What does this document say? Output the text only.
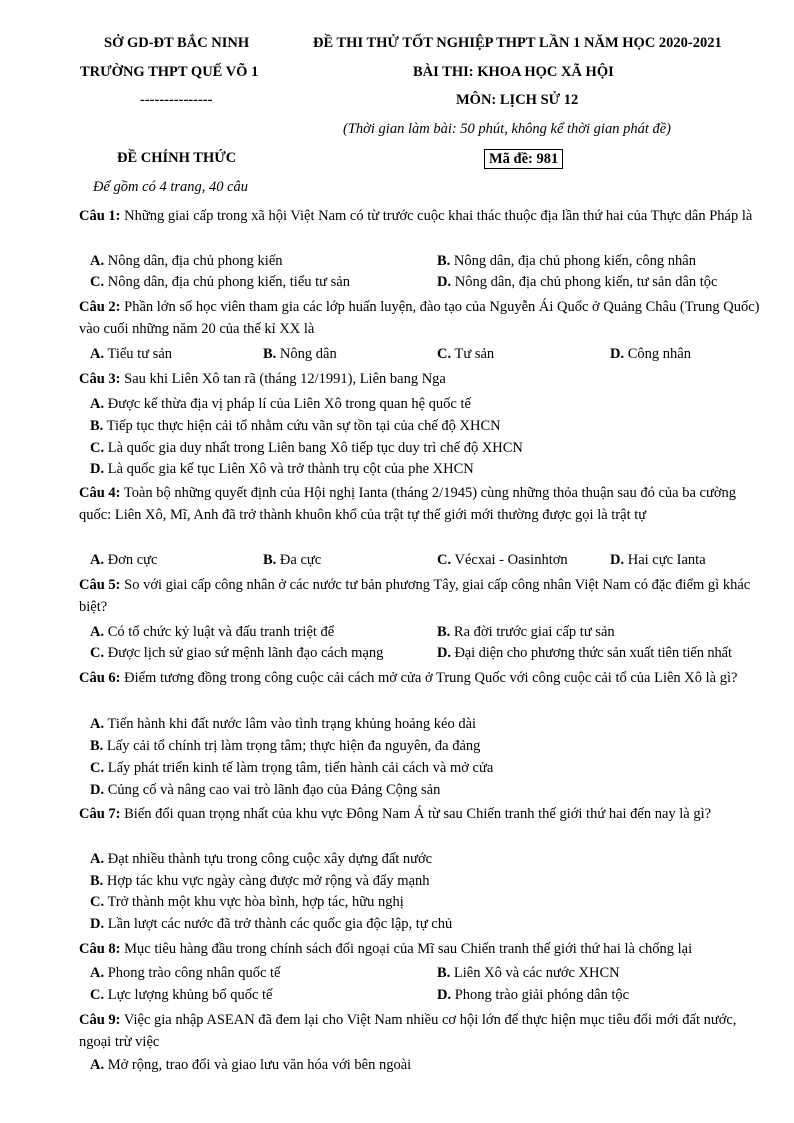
SỞ GD-ĐT BẮC NINH
TRƯỜNG THPT QUẾ VÕ 1
---------------
ĐỀ THI THỬ TỐT NGHIỆP THPT LẦN 1 NĂM HỌC 2020-2021
BÀI THI: KHOA HỌC XÃ HỘI
MÔN: LỊCH SỬ 12
(Thời gian làm bài: 50 phút, không kể thời gian phát đề)
ĐỀ CHÍNH THỨC	Mã đề: 981
Để gồm có 4 trang, 40 câu
Câu 1: Những giai cấp trong xã hội Việt Nam có từ trước cuộc khai thác thuộc địa lần thứ hai của Thực dân Pháp là
A. Nông dân, địa chủ phong kiến	B. Nông dân, địa chủ phong kiến, công nhân
C. Nông dân, địa chủ phong kiến, tiểu tư sản	D. Nông dân, địa chủ phong kiến, tư sản dân tộc
Câu 2: Phần lớn số học viên tham gia các lớp huấn luyện, đào tạo của Nguyễn Ái Quốc ở Quảng Châu (Trung Quốc) vào cuối những năm 20 của thế kỉ XX là
A. Tiểu tư sản	B. Nông dân	C. Tư sản	D. Công nhân
Câu 3: Sau khi Liên Xô tan rã (tháng 12/1991), Liên bang Nga
A. Được kế thừa địa vị pháp lí của Liên Xô trong quan hệ quốc tế
B. Tiếp tục thực hiện cải tổ nhằm cứu vãn sự tồn tại của chế độ XHCN
C. Là quốc gia duy nhất trong Liên bang Xô tiếp tục duy trì chế độ XHCN
D. Là quốc gia kế tục Liên Xô và trở thành trụ cột của phe XHCN
Câu 4: Toàn bộ những quyết định của Hội nghị Ianta (tháng 2/1945) cùng những thỏa thuận sau đó của ba cường quốc: Liên Xô, Mĩ, Anh đã trở thành khuôn khổ của trật tự thế giới mới thường được gọi là trật tự
A. Đơn cực	B. Đa cực	C. Vécxai - Oasinhtơn	D. Hai cực Ianta
Câu 5: So với giai cấp công nhân ở các nước tư bản phương Tây, giai cấp công nhân Việt Nam có đặc điểm gì khác biệt?
A. Có tổ chức kỷ luật và đấu tranh triệt để	B. Ra đời trước giai cấp tư sản
C. Được lịch sử giao sứ mệnh lãnh đạo cách mạng	D. Đại diện cho phương thức sản xuất tiên tiến nhất
Câu 6: Điểm tương đồng trong công cuộc cải cách mở cửa ở Trung Quốc với công cuộc cải tổ của Liên Xô là gì?
A. Tiến hành khi đất nước lâm vào tình trạng khủng hoảng kéo dài
B. Lấy cải tổ chính trị làm trọng tâm; thực hiện đa nguyên, đa đảng
C. Lấy phát triển kinh tế làm trọng tâm, tiến hành cải cách và mở cửa
D. Củng cố và nâng cao vai trò lãnh đạo của Đảng Cộng sản
Câu 7: Biến đổi quan trọng nhất của khu vực Đông Nam Á từ sau Chiến tranh thế giới thứ hai đến nay là gì?
A. Đạt nhiều thành tựu trong công cuộc xây dựng đất nước
B. Hợp tác khu vực ngày càng được mở rộng và đẩy mạnh
C. Trở thành một khu vực hòa bình, hợp tác, hữu nghị
D. Lần lượt các nước đã trở thành các quốc gia độc lập, tự chủ
Câu 8: Mục tiêu hàng đầu trong chính sách đối ngoại của Mĩ sau Chiến tranh thế giới thứ hai là chống lại
A. Phong trào công nhân quốc tế	B. Liên Xô và các nước XHCN
C. Lực lượng khủng bố quốc tế	D. Phong trào giải phóng dân tộc
Câu 9: Việc gia nhập ASEAN đã đem lại cho Việt Nam nhiều cơ hội lớn để thực hiện mục tiêu đổi mới đất nước, ngoại trừ việc
A. Mở rộng, trao đổi và giao lưu văn hóa với bên ngoài
